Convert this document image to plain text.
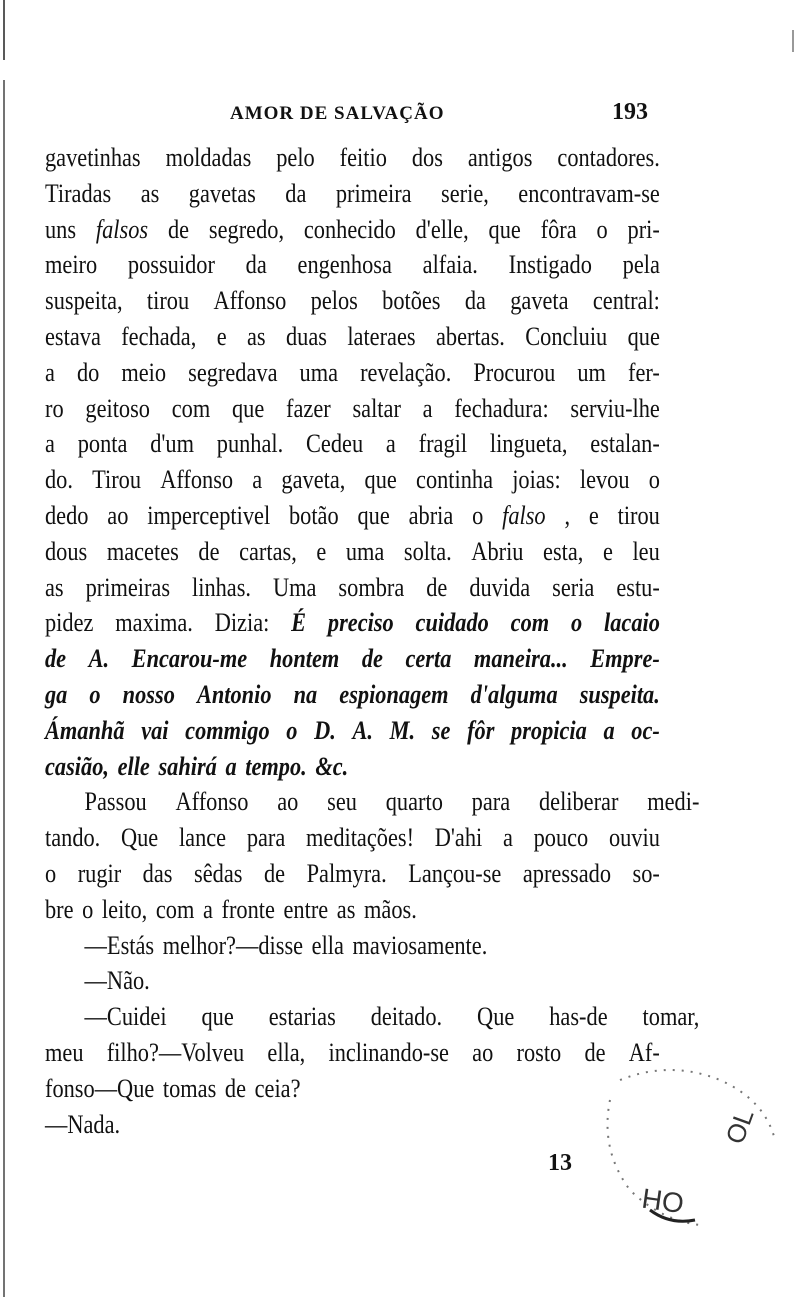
AMOR DE SALVAÇÃO	193
gavetinhas moldadas pelo feitio dos antigos contadores.
Tiradas as gavetas da primeira serie, encontravam-se
uns falsos de segredo, conhecido d'elle, que fôra o pri-
meiro possuidor da engenhosa alfaia. Instigado pela
suspeita, tirou Affonso pelos botões da gaveta central:
estava fechada, e as duas lateraes abertas. Concluiu que
a do meio segredava uma revelação. Procurou um fer-
ro geitoso com que fazer saltar a fechadura: serviu-lhe
a ponta d'um punhal. Cedeu a fragil lingueta, estalan-
do. Tirou Affonso a gaveta, que continha joias: levou o
dedo ao imperceptivel botão que abria o falso , e tirou
dous macetes de cartas, e uma solta. Abriu esta, e leu
as primeiras linhas. Uma sombra de duvida seria estu-
pidez maxima. Dizia: É preciso cuidado com o lacaio
de A. Encarou-me hontem de certa maneira... Empre-
ga o nosso Antonio na espionagem d'alguma suspeita.
Ámanhã vai commigo o D. A. M. se fôr propicia a oc-
casião, elle sahirá a tempo. &c.
Passou Affonso ao seu quarto para deliberar medi-
tando. Que lance para meditações! D'ahi a pouco ouviu
o rugir das sêdas de Palmyra. Lançou-se apressado so-
bre o leito, com a fronte entre as mãos.
—Estás melhor?—disse ella maviosamente.
—Não.
—Cuidei que estarias deitado. Que has-de tomar,
meu filho?—Volveu ella, inclinando-se ao rosto de Af-
fonso—Que tomas de ceia?
—Nada.
13
OL
HO
